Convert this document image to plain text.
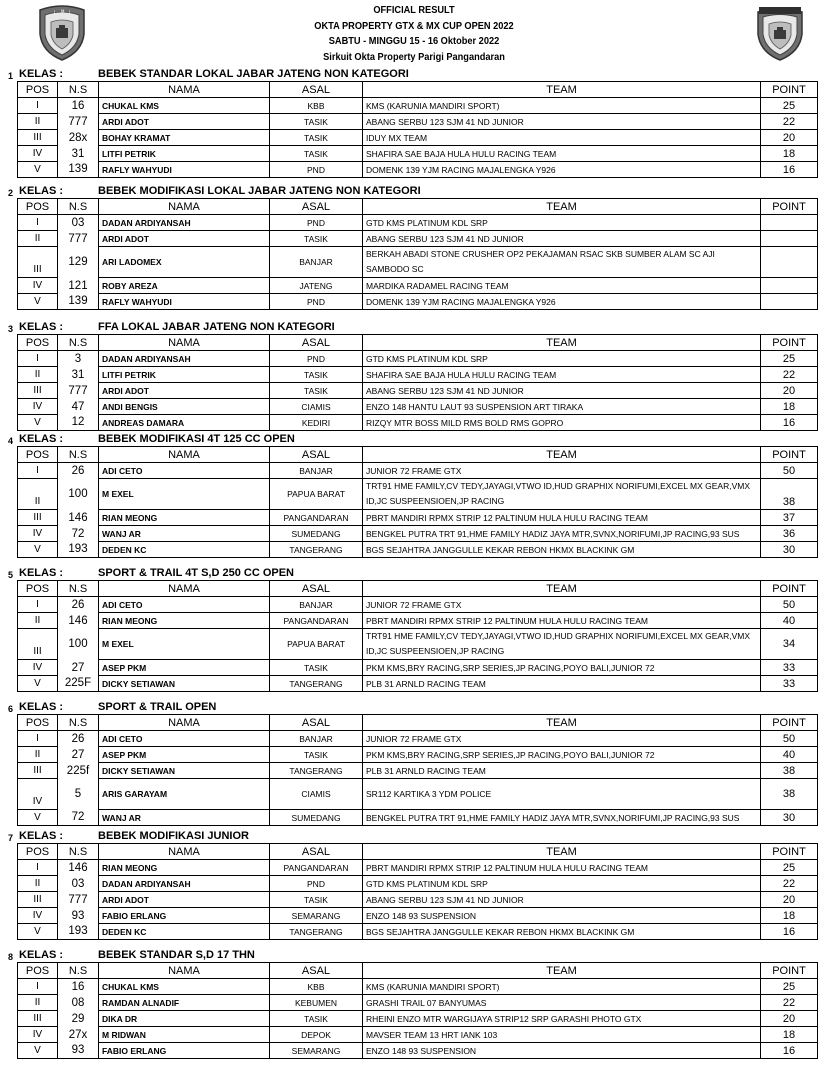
I M I	OFFICIAL RESULT
OKTA PROPERTY GTX & MX CUP OPEN 2022
SABTU - MINGGU 15 - 16 Oktober 2022
Sirkuit Okta Property Parigi Pangandaran
1 KELAS :	BEBEK STANDAR LOKAL JABAR JATENG NON KATEGORI
POS	N.S	NAMA	ASAL	TEAM	POINT
I	16	CHUKAL KMS	KBB	KMS (KARUNIA MANDIRI SPORT)	25
II	777	ARDI ADOT	TASIK	ABANG SERBU 123 SJM 41 ND JUNIOR	22
III	28x	BOHAY KRAMAT	TASIK	IDUY MX TEAM	20
IV	31	LITFI PETRIK	TASIK	SHAFIRA SAE BAJA HULA HULU RACING TEAM	18
V	139	RAFLY WAHYUDI	PND	DOMENK 139 YJM RACING MAJALENGKA Y926	16
2 KELAS :	BEBEK MODIFIKASI LOKAL JABAR JATENG NON KATEGORI
POS	N.S	NAMA	ASAL	TEAM	POINT
I	03	DADAN ARDIYANSAH	PND	GTD KMS PLATINUM KDL SRP	
II	777	ARDI ADOT	TASIK	ABANG SERBU 123 SJM 41 ND JUNIOR	
III	129	ARI LADOMEX	BANJAR	BERKAH ABADI STONE CRUSHER OP2 PEKAJAMAN RSAC SKB SUMBER ALAM SC AJI SAMBODO SC	
IV	121	ROBY AREZA	JATENG	MARDIKA RADAMEL RACING TEAM	
V	139	RAFLY WAHYUDI	PND	DOMENK 139 YJM RACING MAJALENGKA Y926	
3 KELAS :	FFA LOKAL JABAR JATENG NON KATEGORI
POS	N.S	NAMA	ASAL	TEAM	POINT
I	3	DADAN ARDIYANSAH	PND	GTD KMS PLATINUM KDL SRP	25
II	31	LITFI PETRIK	TASIK	SHAFIRA SAE BAJA HULA HULU RACING TEAM	22
III	777	ARDI ADOT	TASIK	ABANG SERBU 123 SJM 41 ND JUNIOR	20
IV	47	ANDI BENGIS	CIAMIS	ENZO 148 HANTU LAUT 93 SUSPENSION ART TIRAKA	18
V	12	ANDREAS DAMARA	KEDIRI	RIZQY MTR BOSS MILD RMS BOLD RMS GOPRO	16
4 KELAS :	BEBEK MODIFIKASI 4T 125 CC OPEN
POS	N.S	NAMA	ASAL	TEAM	POINT
I	26	ADI CETO	BANJAR	JUNIOR 72 FRAME GTX	50
II	100	M EXEL	PAPUA BARAT	TRT91 HME FAMILY,CV TEDY,JAYAGI,VTWO ID,HUD GRAPHIX NORIFUMI,EXCEL MX GEAR,VMX ID,JC SUSPEENSIOEN,JP RACING	38
III	146	RIAN MEONG	PANGANDARAN	PBRT MANDIRI RPMX STRIP 12 PALTINUM HULA HULU RACING TEAM	37
IV	72	WANJ AR	SUMEDANG	BENGKEL PUTRA TRT 91,HME FAMILY HADIZ JAYA MTR,SVNX,NORIFUMI,JP RACING,93 SUS	36
V	193	DEDEN KC	TANGERANG	BGS SEJAHTRA JANGGULLE KEKAR REBON HKMX BLACKINK GM	30
5 KELAS :	SPORT & TRAIL 4T S,D 250 CC OPEN
POS	N.S	NAMA	ASAL	TEAM	POINT
I	26	ADI CETO	BANJAR	JUNIOR 72 FRAME GTX	50
II	146	RIAN MEONG	PANGANDARAN	PBRT MANDIRI RPMX STRIP 12 PALTINUM HULA HULU RACING TEAM	40
III	100	M EXEL	PAPUA BARAT	TRT91 HME FAMILY,CV TEDY,JAYAGI,VTWO ID,HUD GRAPHIX NORIFUMI,EXCEL MX GEAR,VMX ID,JC SUSPEENSIOEN,JP RACING	34
IV	27	ASEP PKM	TASIK	PKM KMS,BRY RACING,SRP SERIES,JP RACING,POYO BALI,JUNIOR 72	33
V	225F	DICKY SETIAWAN	TANGERANG	PLB 31 ARNLD RACING TEAM	33
6 KELAS :	SPORT & TRAIL OPEN
POS	N.S	NAMA	ASAL	TEAM	POINT
I	26	ADI CETO	BANJAR	JUNIOR 72 FRAME GTX	50
II	27	ASEP PKM	TASIK	PKM KMS,BRY RACING,SRP SERIES,JP RACING,POYO BALI,JUNIOR 72	40
III	225f	DICKY SETIAWAN	TANGERANG	PLB 31 ARNLD RACING TEAM	38
IV	5	ARIS GARAYAM	CIAMIS	SR112 KARTIKA 3 YDM POLICE	38
V	72	WANJ AR	SUMEDANG	BENGKEL PUTRA TRT 91,HME FAMILY HADIZ JAYA MTR,SVNX,NORIFUMI,JP RACING,93 SUS	30
7 KELAS :	BEBEK MODIFIKASI JUNIOR
POS	N.S	NAMA	ASAL	TEAM	POINT
I	146	RIAN MEONG	PANGANDARAN	PBRT MANDIRI RPMX STRIP 12 PALTINUM HULA HULU RACING TEAM	25
II	03	DADAN ARDIYANSAH	PND	GTD KMS PLATINUM KDL SRP	22
III	777	ARDI ADOT	TASIK	ABANG SERBU 123 SJM 41 ND JUNIOR	20
IV	93	FABIO ERLANG	SEMARANG	ENZO 148 93 SUSPENSION	18
V	193	DEDEN KC	TANGERANG	BGS SEJAHTRA JANGGULLE KEKAR REBON HKMX BLACKINK GM	16
8 KELAS :	BEBEK STANDAR S,D 17 THN
POS	N.S	NAMA	ASAL	TEAM	POINT
I	16	CHUKAL KMS	KBB	KMS (KARUNIA MANDIRI SPORT)	25
II	08	RAMDAN ALNADIF	KEBUMEN	GRASHI TRAIL 07 BANYUMAS	22
III	29	DIKA DR	TASIK	RHEINI ENZO MTR WARGIJAYA STRIP12 SRP GARASHI PHOTO GTX	20
IV	27x	M RIDWAN	DEPOK	MAVSER TEAM 13 HRT IANK 103	18
V	93	FABIO ERLANG	SEMARANG	ENZO 148 93 SUSPENSION	16
